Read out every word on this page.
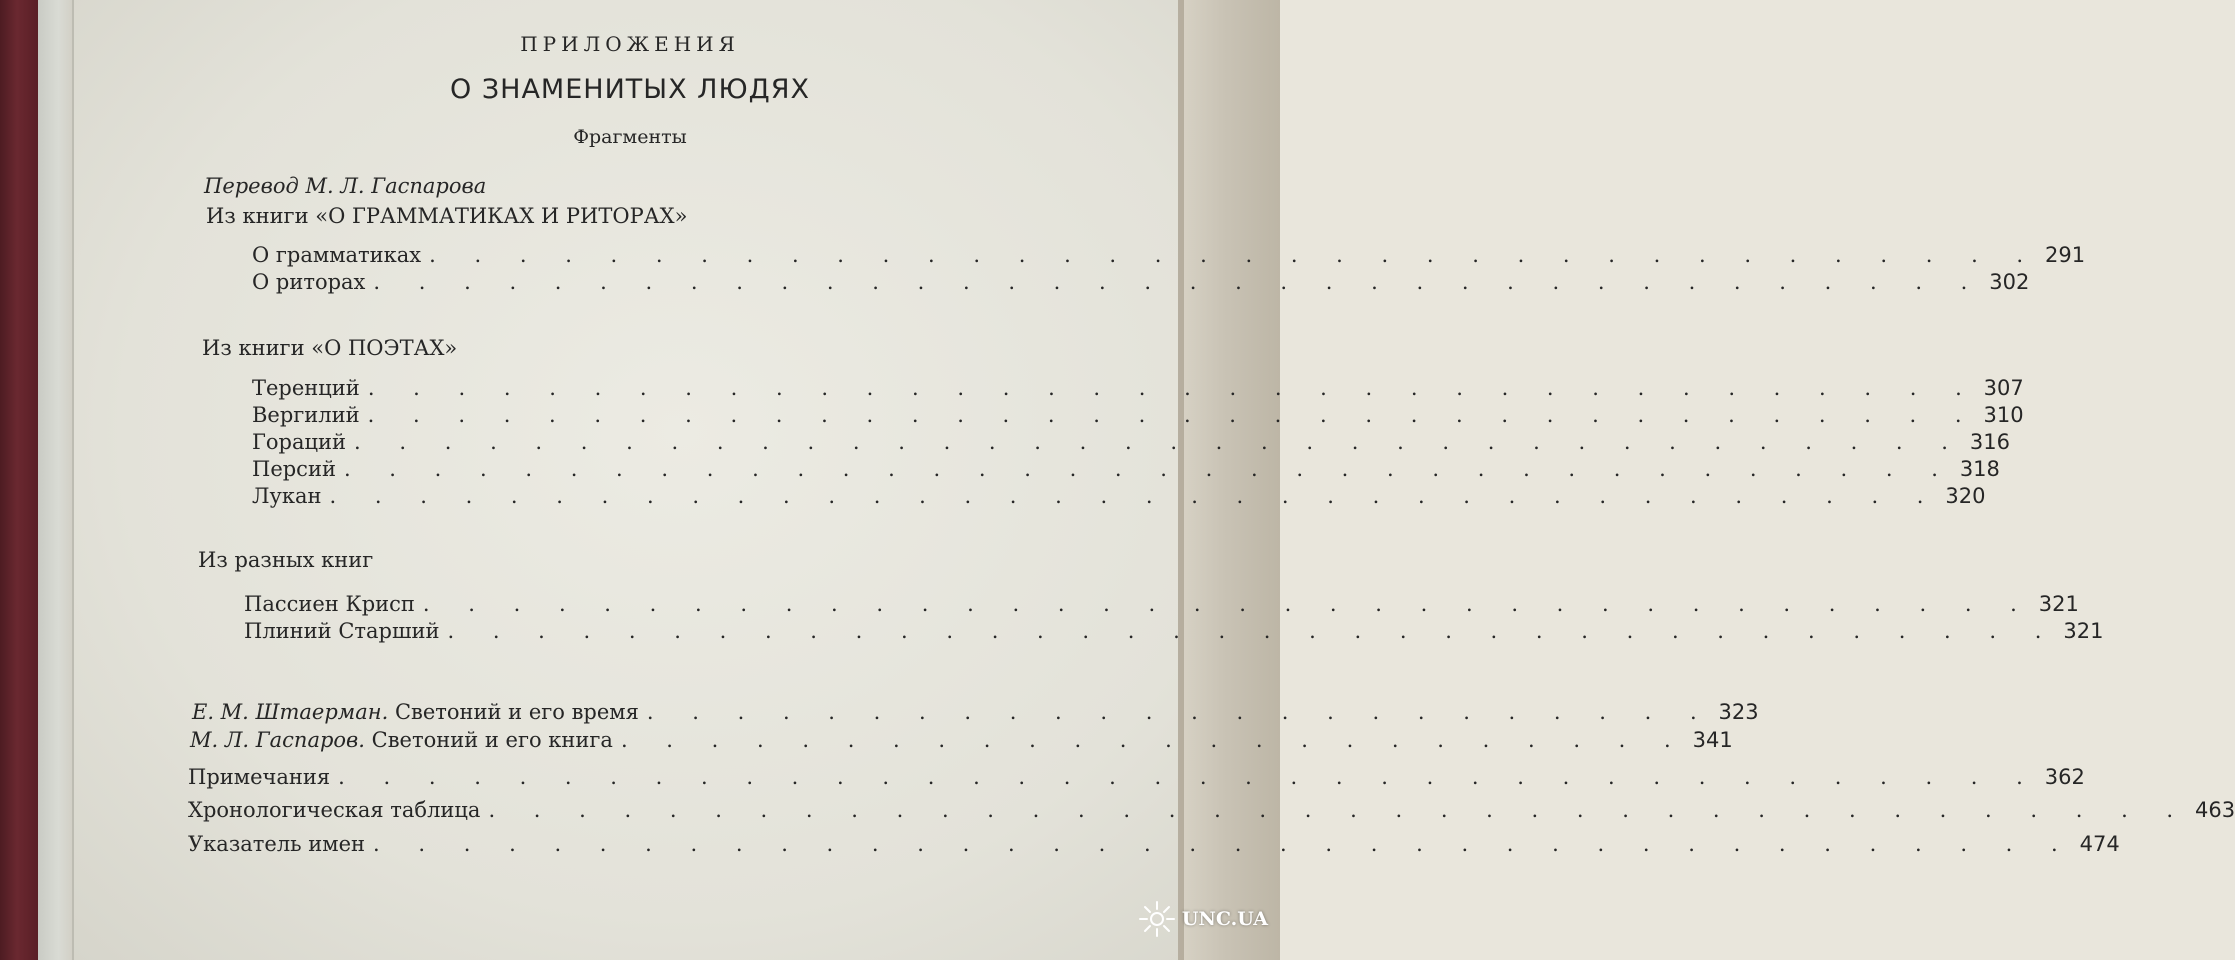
ПРИЛОЖЕНИЯ
О ЗНАМЕНИТЫХ ЛЮДЯХ
Фрагменты
Перевод М. Л. Гаспарова
Из книги «О ГРАММАТИКАХ И РИТОРАХ»
О грамматиках . . . . . . . . . . . . . . . . . . . . . . . . . . . . . . . . . . . . 291
О риторах . . . . . . . . . . . . . . . . . . . . . . . . . . . . . . . . . . . . 302
Из книги «О ПОЭТАХ»
Теренций . . . . . . . . . . . . . . . . . . . . . . . . . . . . . . . . . . . . 307
Вергилий . . . . . . . . . . . . . . . . . . . . . . . . . . . . . . . . . . . . 310
Гораций . . . . . . . . . . . . . . . . . . . . . . . . . . . . . . . . . . . . 316
Персий . . . . . . . . . . . . . . . . . . . . . . . . . . . . . . . . . . . . 318
Лукан . . . . . . . . . . . . . . . . . . . . . . . . . . . . . . . . . . . . 320
Из разных книг
Пассиен Крисп . . . . . . . . . . . . . . . . . . . . . . . . . . . . . . . . . . . . 321
Плиний Старший . . . . . . . . . . . . . . . . . . . . . . . . . . . . . . . . . . . . 321
Е. М. Штаерман. Светоний и его время . . . . . . . . . . . . . . . . . . . . . . . . 323
М. Л. Гаспаров. Светоний и его книга . . . . . . . . . . . . . . . . . . . . . . . . 341
Примечания . . . . . . . . . . . . . . . . . . . . . . . . . . . . . . . . . . . . . . 362
Хронологическая таблица . . . . . . . . . . . . . . . . . . . . . . . . . . . . . . . . . . . . . . 463
Указатель имен . . . . . . . . . . . . . . . . . . . . . . . . . . . . . . . . . . . . . . 474
UNC.UA
